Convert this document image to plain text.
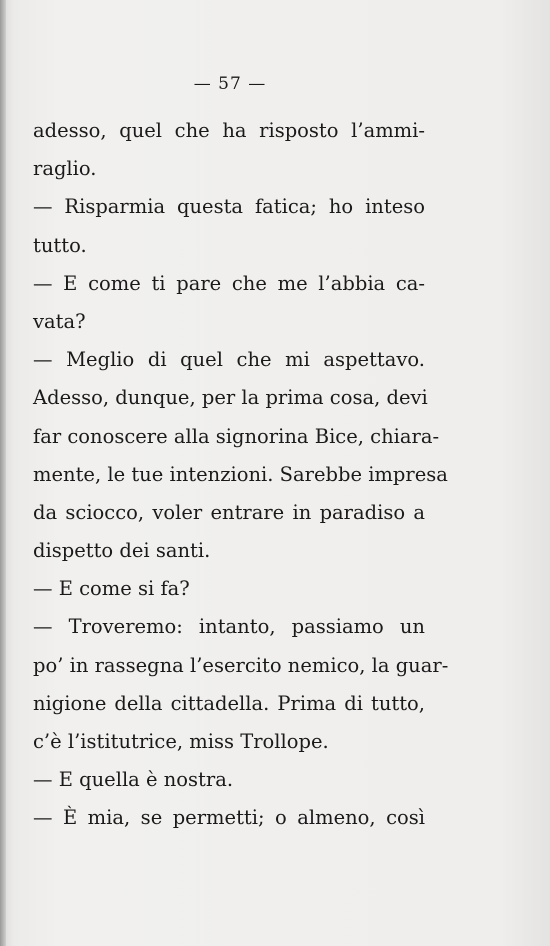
— 57 —
adesso, quel che ha risposto l’ammi-
raglio.
— Risparmia questa fatica; ho inteso
tutto.
— E come ti pare che me l’abbia ca-
vata?
— Meglio di quel che mi aspettavo.
Adesso, dunque, per la prima cosa, devi
far conoscere alla signorina Bice, chiara-
mente, le tue intenzioni. Sarebbe impresa
da sciocco, voler entrare in paradiso a
dispetto dei santi.
— E come si fa?
— Troveremo: intanto, passiamo un
po’ in rassegna l’esercito nemico, la guar-
nigione della cittadella. Prima di tutto,
c’è l’istitutrice, miss Trollope.
— E quella è nostra.
— È mia, se permetti; o almeno, così
